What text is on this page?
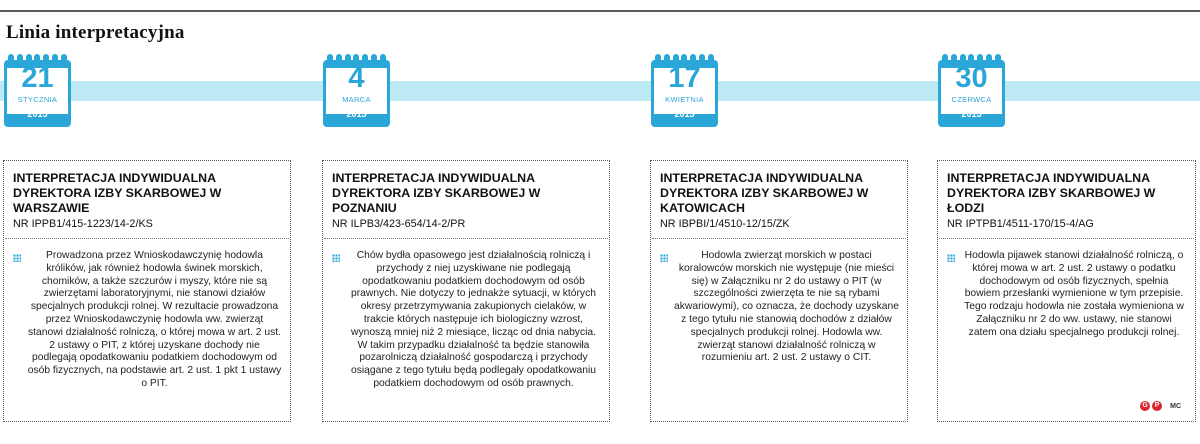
Linia interpretacyjna
21
STYCZNIA
2015
4
MARCA
2015
17
KWIETNIA
2015
30
CZERWCA
2015
INTERPRETACJA INDYWIDUALNA DYREKTORA IZBY SKARBOWEJ W WARSZAWIE
NR IPPB1/415-1223/14-2/KS
Prowadzona przez Wnioskodawczynię hodowla królików, jak również hodowla świnek morskich, chomików, a także szczurów i myszy, które nie są zwierzętami laboratoryjnymi, nie stanowi działów specjalnych produkcji rolnej. W rezultacie prowadzona przez Wnioskodawczynię hodowla ww. zwierząt stanowi działalność rolniczą, o której mowa w art. 2 ust. 2 ustawy o PIT, z której uzyskane dochody nie podlegają opodatkowaniu podatkiem dochodowym od osób fizycznych, na podstawie art. 2 ust. 1 pkt 1 ustawy o PIT.
INTERPRETACJA INDYWIDUALNA DYREKTORA IZBY SKARBOWEJ W POZNANIU
NR ILPB3/423-654/14-2/PR
Chów bydła opasowego jest działalnością rolniczą i przychody z niej uzyskiwane nie podlegają opodatkowaniu podatkiem dochodowym od osób prawnych. Nie dotyczy to jednakże sytuacji, w których okresy przetrzymywania zakupionych cielaków, w trakcie których następuje ich biologiczny wzrost, wynoszą mniej niż 2 miesiące, licząc od dnia nabycia. W takim przypadku działalność ta będzie stanowiła pozarolniczą działalność gospodarczą i przychody osiągane z tego tytułu będą podlegały opodatkowaniu podatkiem dochodowym od osób prawnych.
INTERPRETACJA INDYWIDUALNA DYREKTORA IZBY SKARBOWEJ W KATOWICACH
NR IBPBI/1/4510-12/15/ZK
Hodowla zwierząt morskich w postaci koralowców morskich nie występuje (nie mieści się) w Załączniku nr 2 do ustawy o PIT (w szczególności zwierzęta te nie są rybami akwariowymi), co oznacza, że dochody uzyskane z tego tytułu nie stanowią dochodów z działów specjalnych produkcji rolnej. Hodowla ww. zwierząt stanowi działalność rolniczą w rozumieniu art. 2 ust. 2 ustawy o CIT.
INTERPRETACJA INDYWIDUALNA DYREKTORA IZBY SKARBOWEJ W ŁODZI
NR IPTPB1/4511-170/15-4/AG
Hodowla pijawek stanowi działalność rolniczą, o której mowa w art. 2 ust. 2 ustawy o podatku dochodowym od osób fizycznych, spełnia bowiem przesłanki wymienione w tym przepisie. Tego rodzaju hodowla nie została wymieniona w Załączniku nr 2 do ww. ustawy, nie stanowi zatem ona działu specjalnego produkcji rolnej.
G P	MC
